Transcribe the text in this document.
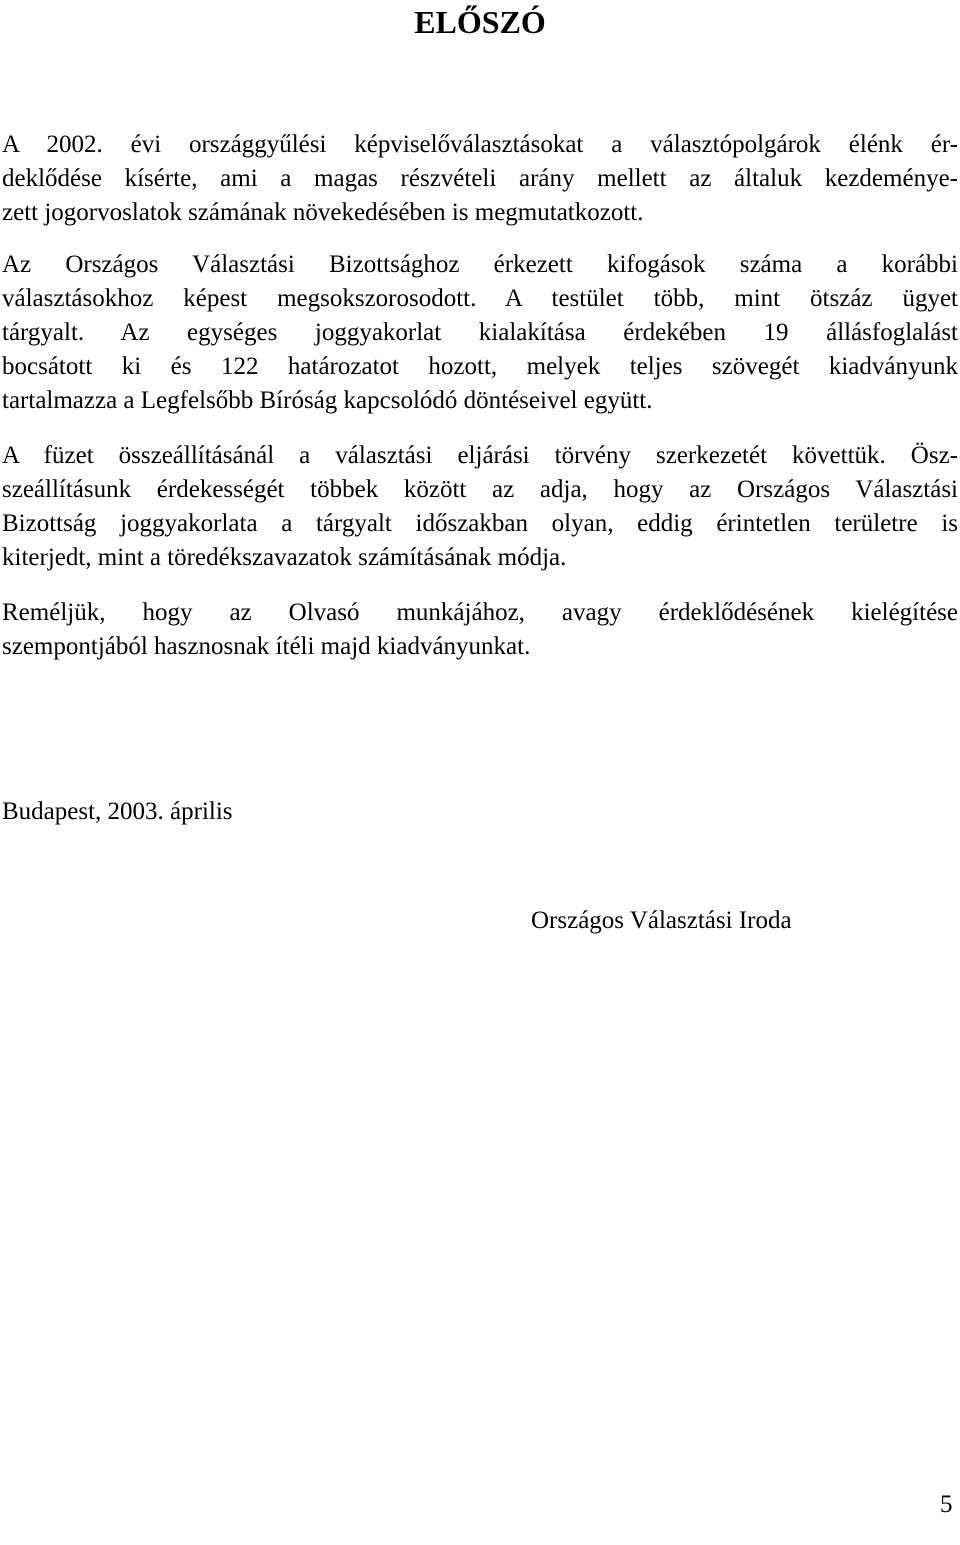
ELŐSZÓ
A 2002. évi országgyűlési képviselőválasztásokat a választópolgárok élénk ér-
deklődése kísérte, ami a magas részvételi arány mellett az általuk kezdeménye-
zett jogorvoslatok számának növekedésében is megmutatkozott.
Az Országos Választási Bizottsághoz érkezett kifogások száma a korábbi
választásokhoz képest megsokszorosodott. A testület több, mint ötszáz ügyet
tárgyalt. Az egységes joggyakorlat kialakítása érdekében 19 állásfoglalást
bocsátott ki és 122 határozatot hozott, melyek teljes szövegét kiadványunk
tartalmazza a Legfelsőbb Bíróság kapcsolódó döntéseivel együtt.
A füzet összeállításánál a választási eljárási törvény szerkezetét követtük. Ösz-
szeállításunk érdekességét többek között az adja, hogy az Országos Választási
Bizottság joggyakorlata a tárgyalt időszakban olyan, eddig érintetlen területre is
kiterjedt, mint a töredékszavazatok számításának módja.
Reméljük, hogy az Olvasó munkájához, avagy érdeklődésének kielégítése
szempontjából hasznosnak ítéli majd kiadványunkat.
Budapest, 2003. április
Országos Választási Iroda
5
